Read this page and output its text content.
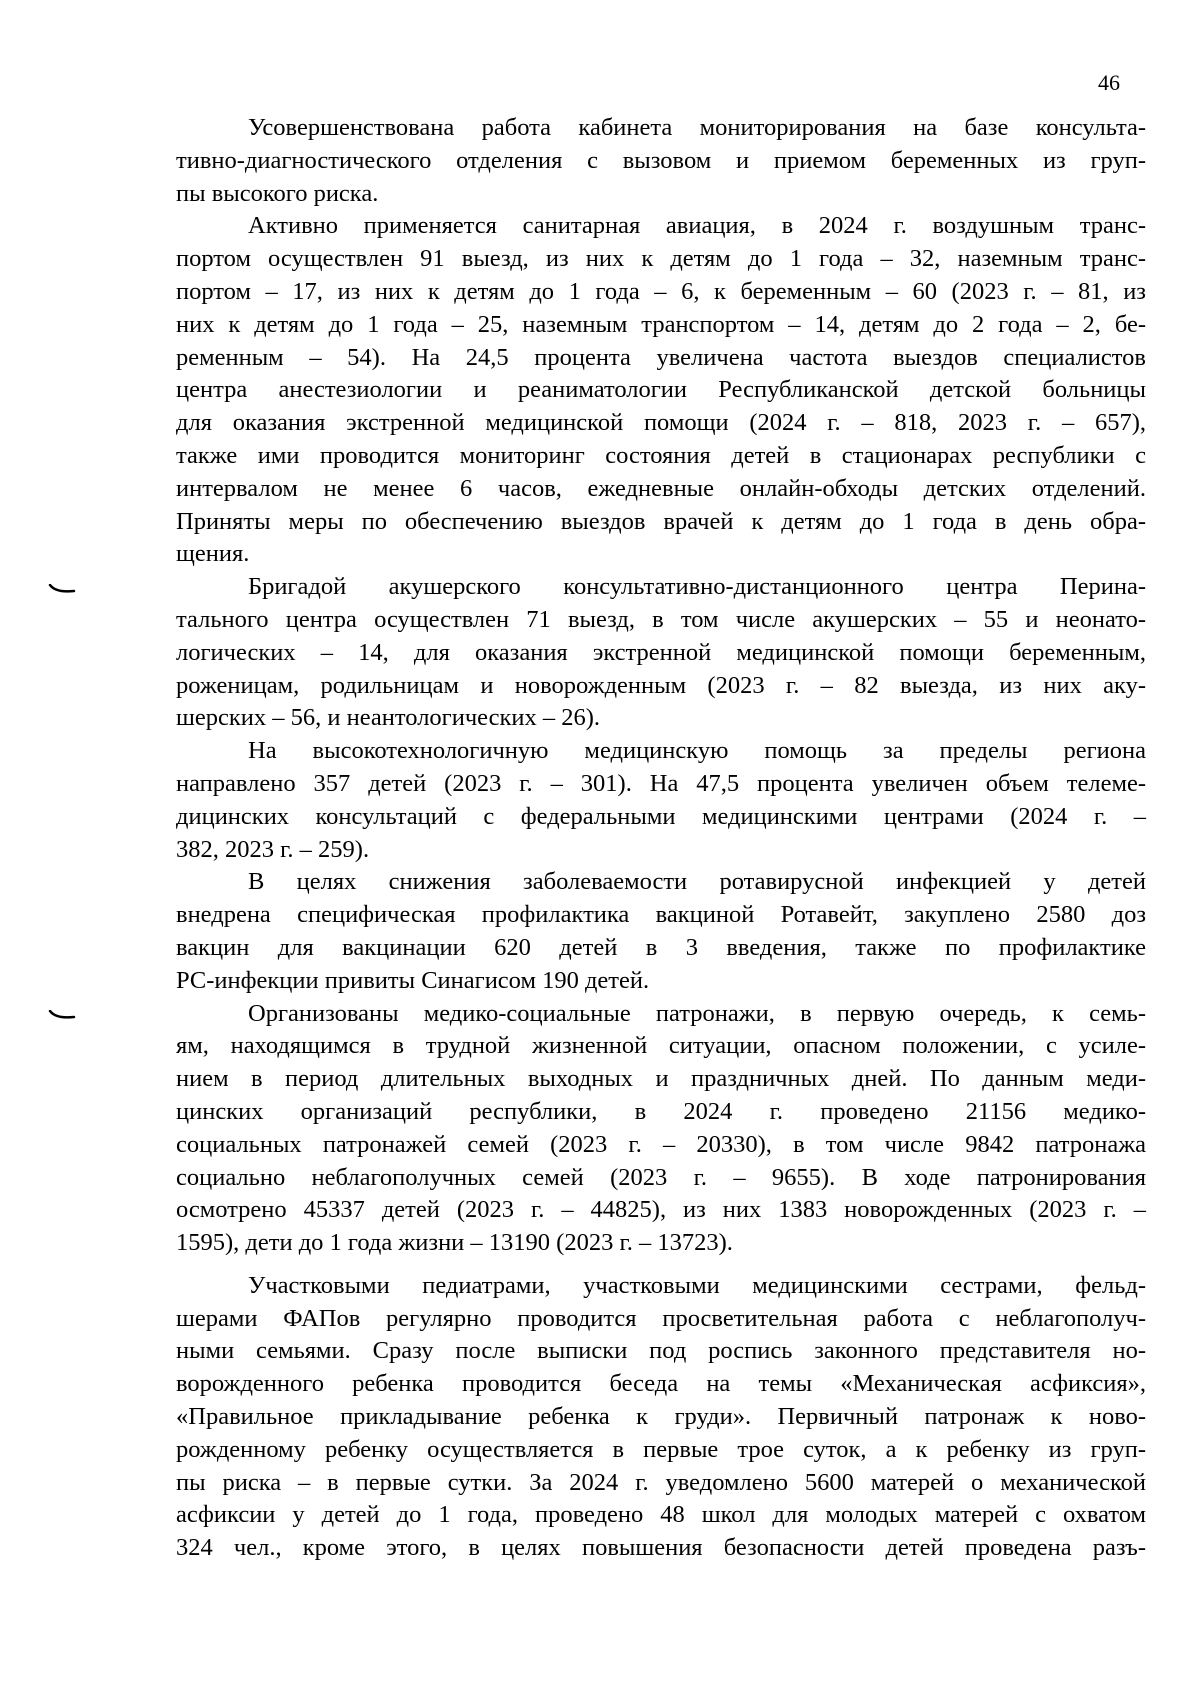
46

Усовершенствована работа кабинета мониторирования на базе консульта-
тивно-диагностического отделения с вызовом и приемом беременных из груп-
пы высокого риска.

Активно применяется санитарная авиация, в 2024 г. воздушным транс-
портом осуществлен 91 выезд, из них к детям до 1 года – 32, наземным транс-
портом – 17, из них к детям до 1 года – 6, к беременным – 60 (2023 г. – 81, из
них к детям до 1 года – 25, наземным транспортом – 14, детям до 2 года – 2, бе-
ременным – 54). На 24,5 процента увеличена частота выездов специалистов
центра анестезиологии и реаниматологии Республиканской детской больницы
для оказания экстренной медицинской помощи (2024 г. – 818, 2023 г. – 657),
также ими проводится мониторинг состояния детей в стационарах республики с
интервалом не менее 6 часов, ежедневные онлайн-обходы детских отделений.
Приняты меры по обеспечению выездов врачей к детям до 1 года в день обра-
щения.

Бригадой акушерского консультативно-дистанционного центра Перина-
тального центра осуществлен 71 выезд, в том числе акушерских – 55 и неонато-
логических – 14, для оказания экстренной медицинской помощи беременным,
роженицам, родильницам и новорожденным (2023 г. – 82 выезда, из них аку-
шерских – 56, и неантологических – 26).

На высокотехнологичную медицинскую помощь за пределы региона
направлено 357 детей (2023 г. – 301). На 47,5 процента увеличен объем телеме-
дицинских консультаций с федеральными медицинскими центрами (2024 г. –
382, 2023 г. – 259).

В целях снижения заболеваемости ротавирусной инфекцией у детей
внедрена специфическая профилактика вакциной Ротавейт, закуплено 2580 доз
вакцин для вакцинации 620 детей в 3 введения, также по профилактике
РС-инфекции привиты Синагисом 190 детей.

Организованы медико-социальные патронажи, в первую очередь, к семь-
ям, находящимся в трудной жизненной ситуации, опасном положении, с усиле-
нием в период длительных выходных и праздничных дней. По данным меди-
цинских организаций республики, в 2024 г. проведено 21156 медико-
социальных патронажей семей (2023 г. – 20330), в том числе 9842 патронажа
социально неблагополучных семей (2023 г. – 9655). В ходе патронирования
осмотрено 45337 детей (2023 г. – 44825), из них 1383 новорожденных (2023 г. –
1595), дети до 1 года жизни – 13190 (2023 г. – 13723).

Участковыми педиатрами, участковыми медицинскими сестрами, фельд-
шерами ФАПов регулярно проводится просветительная работа с неблагополуч-
ными семьями. Сразу после выписки под роспись законного представителя но-
ворожденного ребенка проводится беседа на темы «Механическая асфиксия»,
«Правильное прикладывание ребенка к груди». Первичный патронаж к ново-
рожденному ребенку осуществляется в первые трое суток, а к ребенку из груп-
пы риска – в первые сутки. За 2024 г. уведомлено 5600 матерей о механической
асфиксии у детей до 1 года, проведено 48 школ для молодых матерей с охватом
324 чел., кроме этого, в целях повышения безопасности детей проведена разъ-
